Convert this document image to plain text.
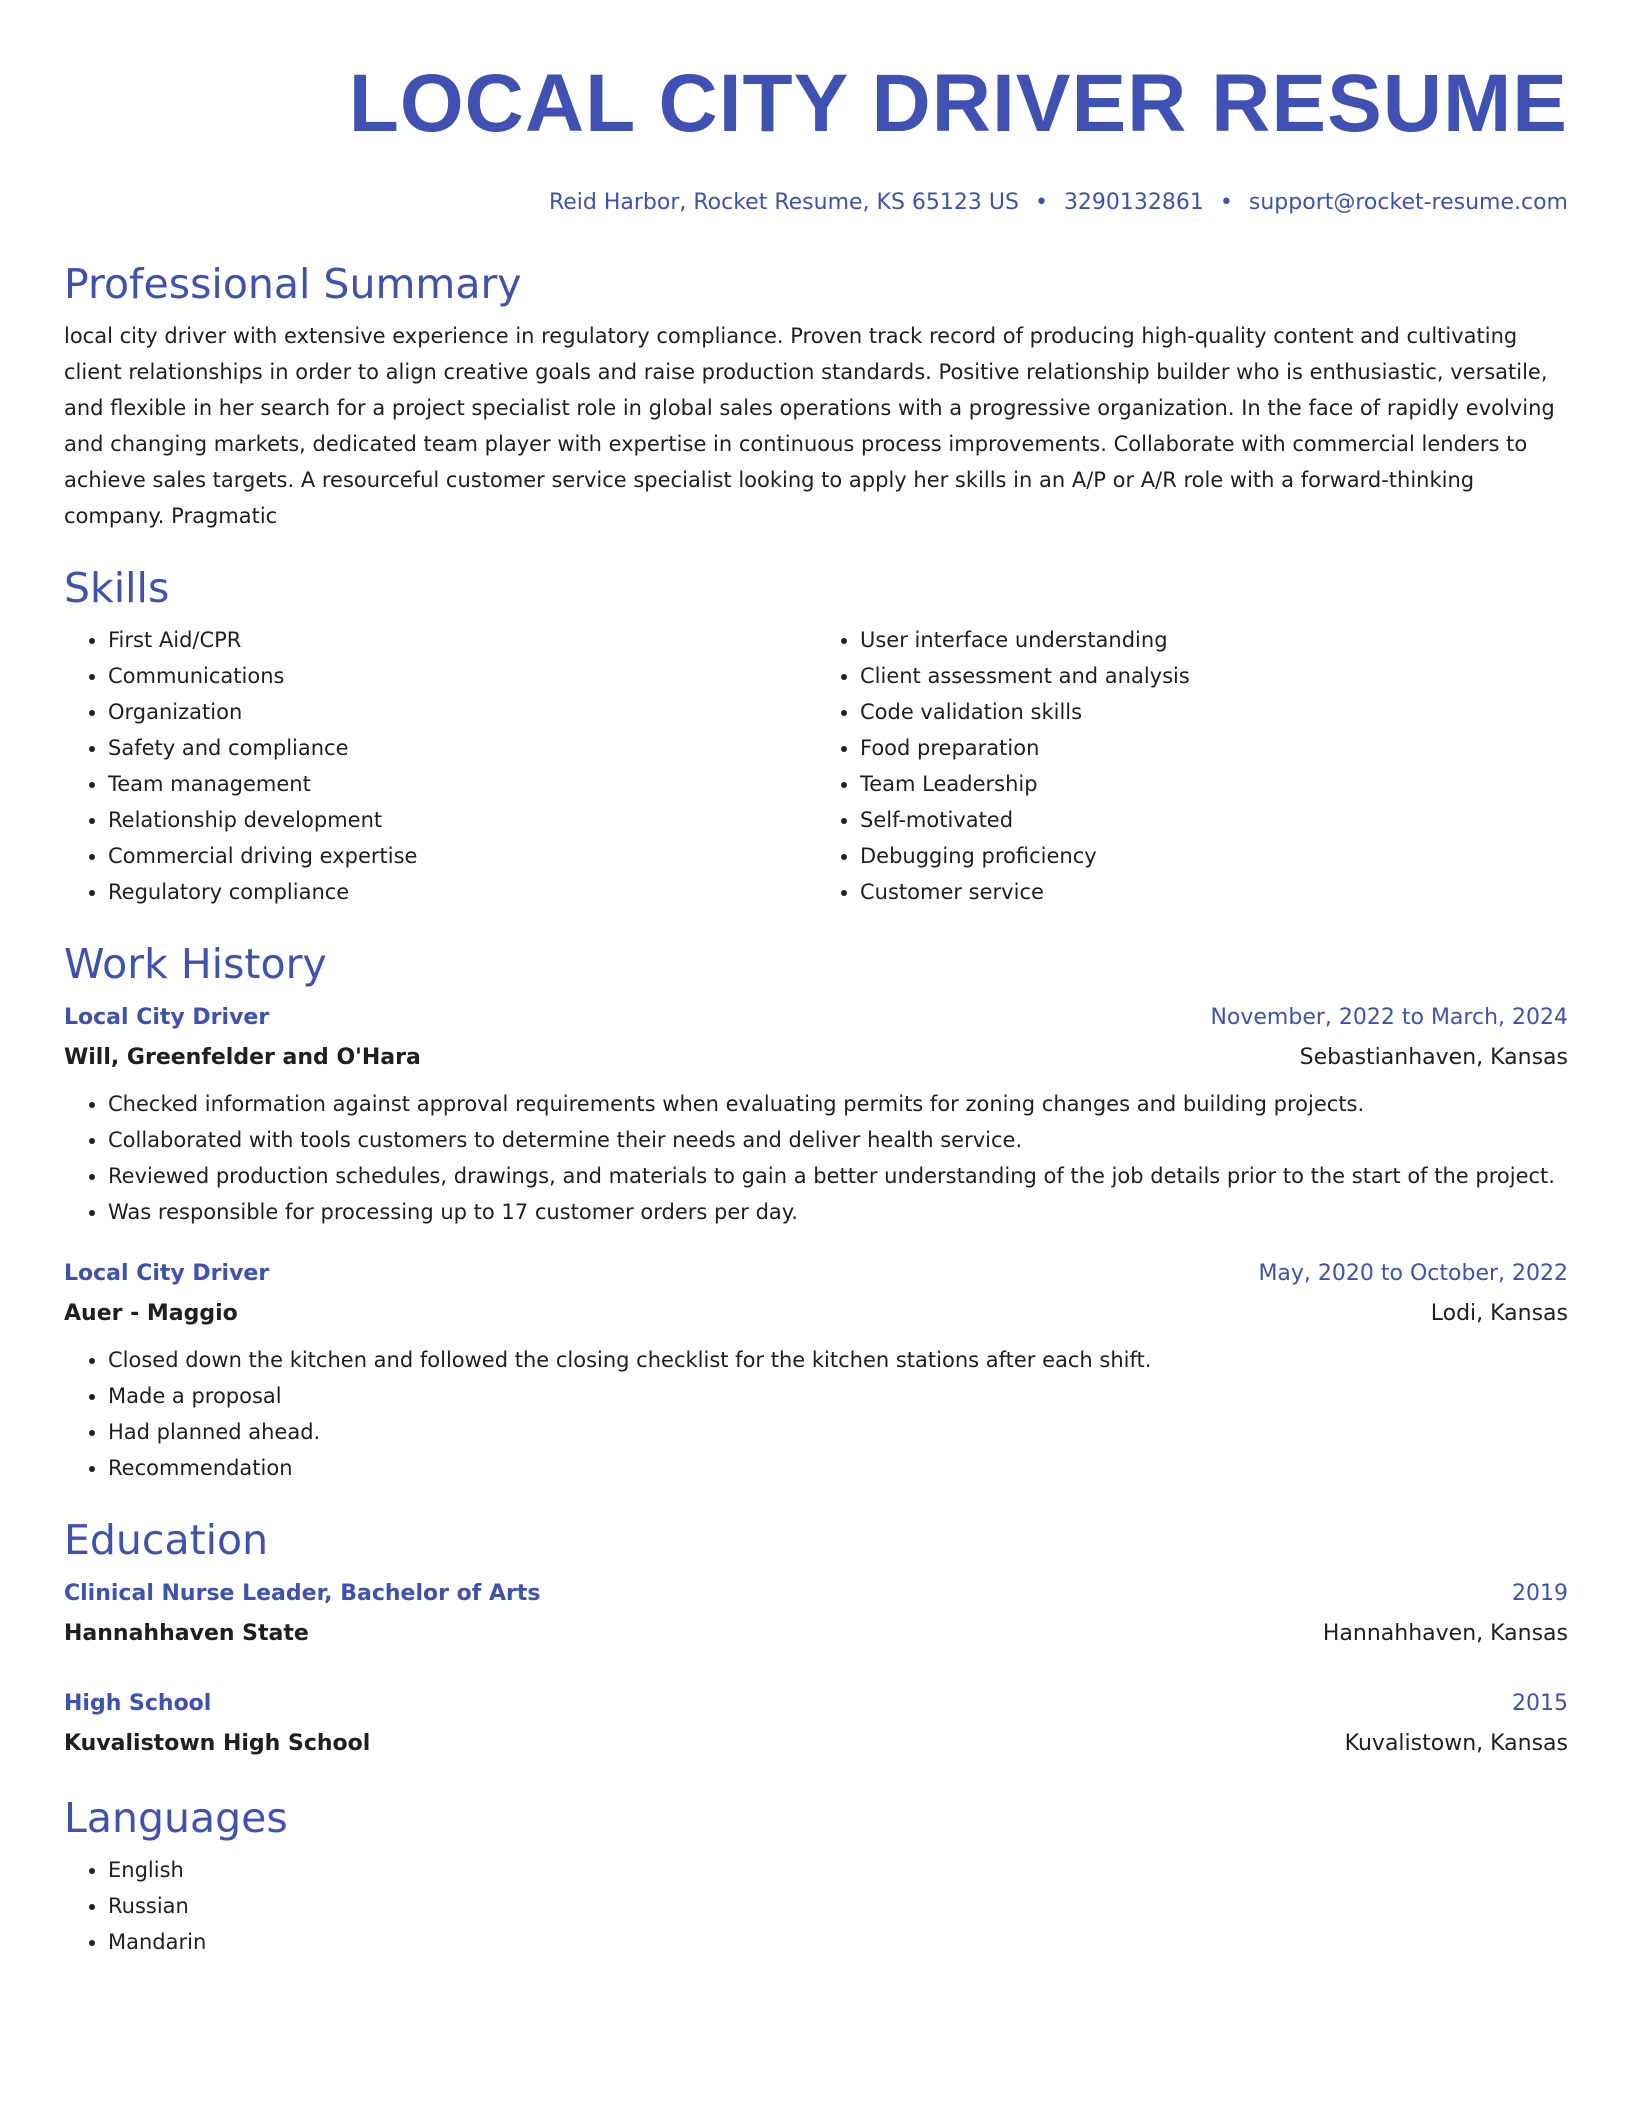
LOCAL CITY DRIVER RESUME
Reid Harbor, Rocket Resume, KS 65123 US • 3290132861 • support@rocket-resume.com
Professional Summary

local city driver with extensive experience in regulatory compliance. Proven track record of producing high-quality content and cultivating client relationships in order to align creative goals and raise production standards. Positive relationship builder who is enthusiastic, versatile, and flexible in her search for a project specialist role in global sales operations with a progressive organization. In the face of rapidly evolving and changing markets, dedicated team player with expertise in continuous process improvements. Collaborate with commercial lenders to achieve sales targets. A resourceful customer service specialist looking to apply her skills in an A/P or A/R role with a forward-thinking company. Pragmatic

Skills
• First Aid/CPR
• Communications
• Organization
• Safety and compliance
• Team management
• Relationship development
• Commercial driving expertise
• Regulatory compliance
• User interface understanding
• Client assessment and analysis
• Code validation skills
• Food preparation
• Team Leadership
• Self-motivated
• Debugging proficiency
• Customer service
Work History
Local City Driver	November, 2022 to March, 2024
Will, Greenfelder and O'Hara	Sebastianhaven, Kansas
• Checked information against approval requirements when evaluating permits for zoning changes and building projects.
• Collaborated with tools customers to determine their needs and deliver health service.
• Reviewed production schedules, drawings, and materials to gain a better understanding of the job details prior to the start of the project.
• Was responsible for processing up to 17 customer orders per day.
Local City Driver	May, 2020 to October, 2022
Auer - Maggio	Lodi, Kansas
• Closed down the kitchen and followed the closing checklist for the kitchen stations after each shift.
• Made a proposal
• Had planned ahead.
• Recommendation
Education
Clinical Nurse Leader, Bachelor of Arts	2019
Hannahhaven State	Hannahhaven, Kansas
High School	2015
Kuvalistown High School	Kuvalistown, Kansas
Languages
• English
• Russian
• Mandarin
